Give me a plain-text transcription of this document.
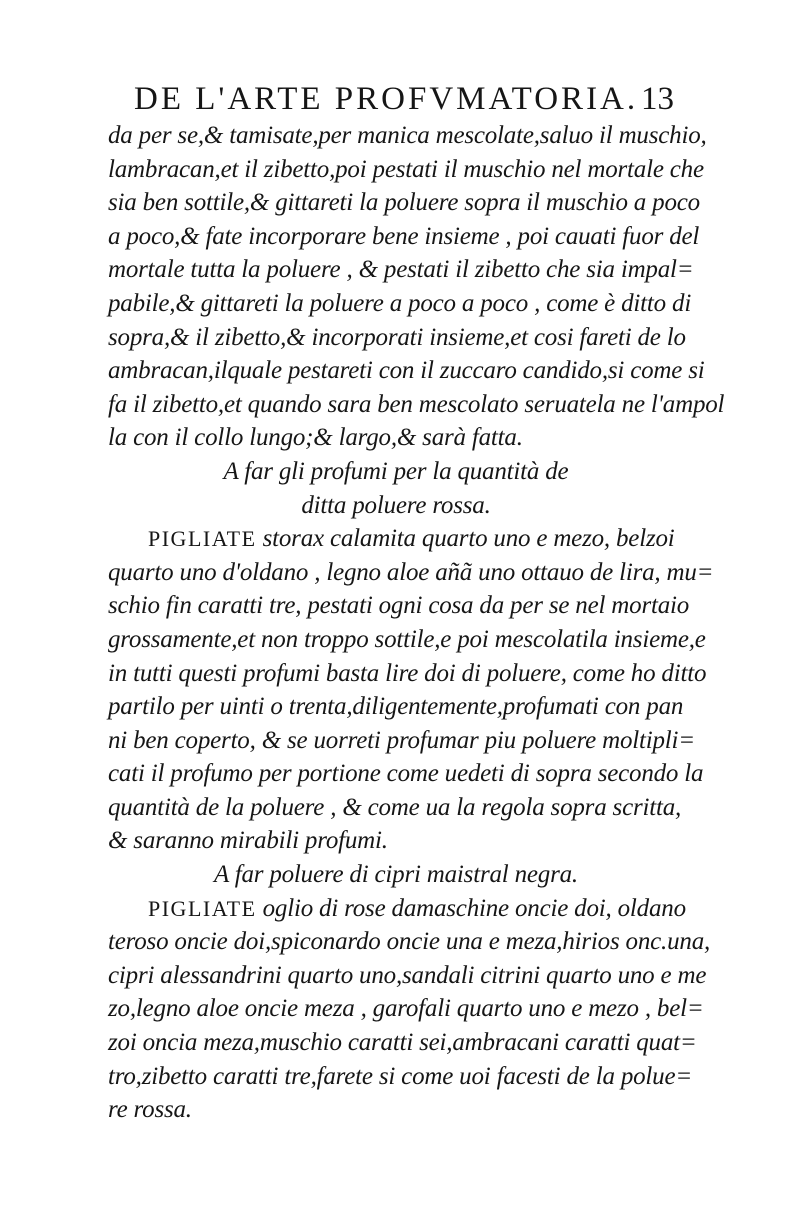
DE L'ARTE PROFVMATORIA. 13
da per se,& tamisate,per manica mescolate,saluo il muschio,
lambracan,et il zibetto,poi pestati il muschio nel mortale che
sia ben sottile,& gittareti la poluere sopra il muschio a poco
a poco,& fate incorporare bene insieme , poi cauati fuor del
mortale tutta la poluere , & pestati il zibetto che sia impal=
pabile,& gittareti la poluere a poco a poco , come è ditto di
sopra,& il zibetto,& incorporati insieme,et cosi fareti de lo
ambracan,ilquale pestareti con il zuccaro candido,si come si
fa il zibetto,et quando sara ben mescolato seruatela ne l'ampol
la con il collo lungo;& largo,& sarà fatta.
A far gli profumi per la quantità de
ditta poluere rossa.
PIGLIATE storax calamita quarto uno e mezo, belzoi
quarto uno d'oldano , legno aloe añã uno ottauo de lira, mu=
schio fin caratti tre, pestati ogni cosa da per se nel mortaio
grossamente,et non troppo sottile,e poi mescolatila insieme,e
in tutti questi profumi basta lire doi di poluere, come ho ditto
partilo per uinti o trenta,diligentemente,profumati con pan
ni ben coperto, & se uorreti profumar piu poluere moltipli=
cati il profumo per portione come uedeti di sopra secondo la
quantità de la poluere , & come ua la regola sopra scritta,
& saranno mirabili profumi.
A far poluere di cipri maistral negra.
PIGLIATE oglio di rose damaschine oncie doi, oldano
teroso oncie doi,spiconardo oncie una e meza,hirios onc.una,
cipri alessandrini quarto uno,sandali citrini quarto uno e me
zo,legno aloe oncie meza , garofali quarto uno e mezo , bel=
zoi oncia meza,muschio caratti sei,ambracani caratti quat=
tro,zibetto caratti tre,farete si come uoi facesti de la polue=
re rossa.
